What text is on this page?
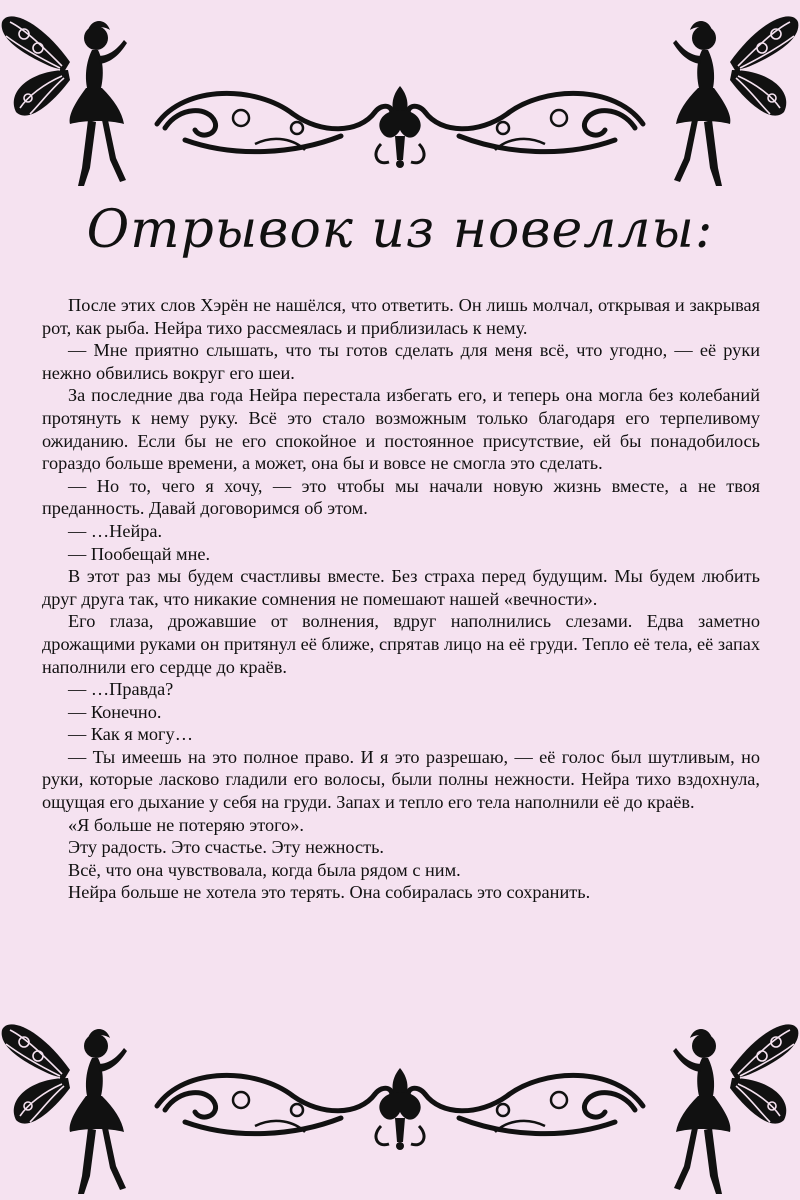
Отрывок из новеллы:

После этих слов Хэрён не нашёлся, что ответить. Он лишь молчал, открывая и закрывая рот, как рыба. Нейра тихо рассмеялась и приблизилась к нему.

— Мне приятно слышать, что ты готов сделать для меня всё, что угодно, — её руки нежно обвились вокруг его шеи.

За последние два года Нейра перестала избегать его, и теперь она могла без колебаний протянуть к нему руку. Всё это стало возможным только благодаря его терпеливому ожиданию. Если бы не его спокойное и постоянное присутствие, ей бы понадобилось гораздо больше времени, а может, она бы и вовсе не смогла это сделать.

— Но то, чего я хочу, — это чтобы мы начали новую жизнь вместе, а не твоя преданность. Давай договоримся об этом.

— …Нейра.

— Пообещай мне.

В этот раз мы будем счастливы вместе. Без страха перед будущим. Мы будем любить друг друга так, что никакие сомнения не помешают нашей «вечности».

Его глаза, дрожавшие от волнения, вдруг наполнились слезами. Едва заметно дрожащими руками он притянул её ближе, спрятав лицо на её груди. Тепло её тела, её запах наполнили его сердце до краёв.

— …Правда?

— Конечно.

— Как я могу…

— Ты имеешь на это полное право. И я это разрешаю, — её голос был шутливым, но руки, которые ласково гладили его волосы, были полны нежности. Нейра тихо вздохнула, ощущая его дыхание у себя на груди. Запах и тепло его тела наполнили её до краёв.

«Я больше не потеряю этого».

Эту радость. Это счастье. Эту нежность.

Всё, что она чувствовала, когда была рядом с ним.

Нейра больше не хотела это терять. Она собиралась это сохранить.
